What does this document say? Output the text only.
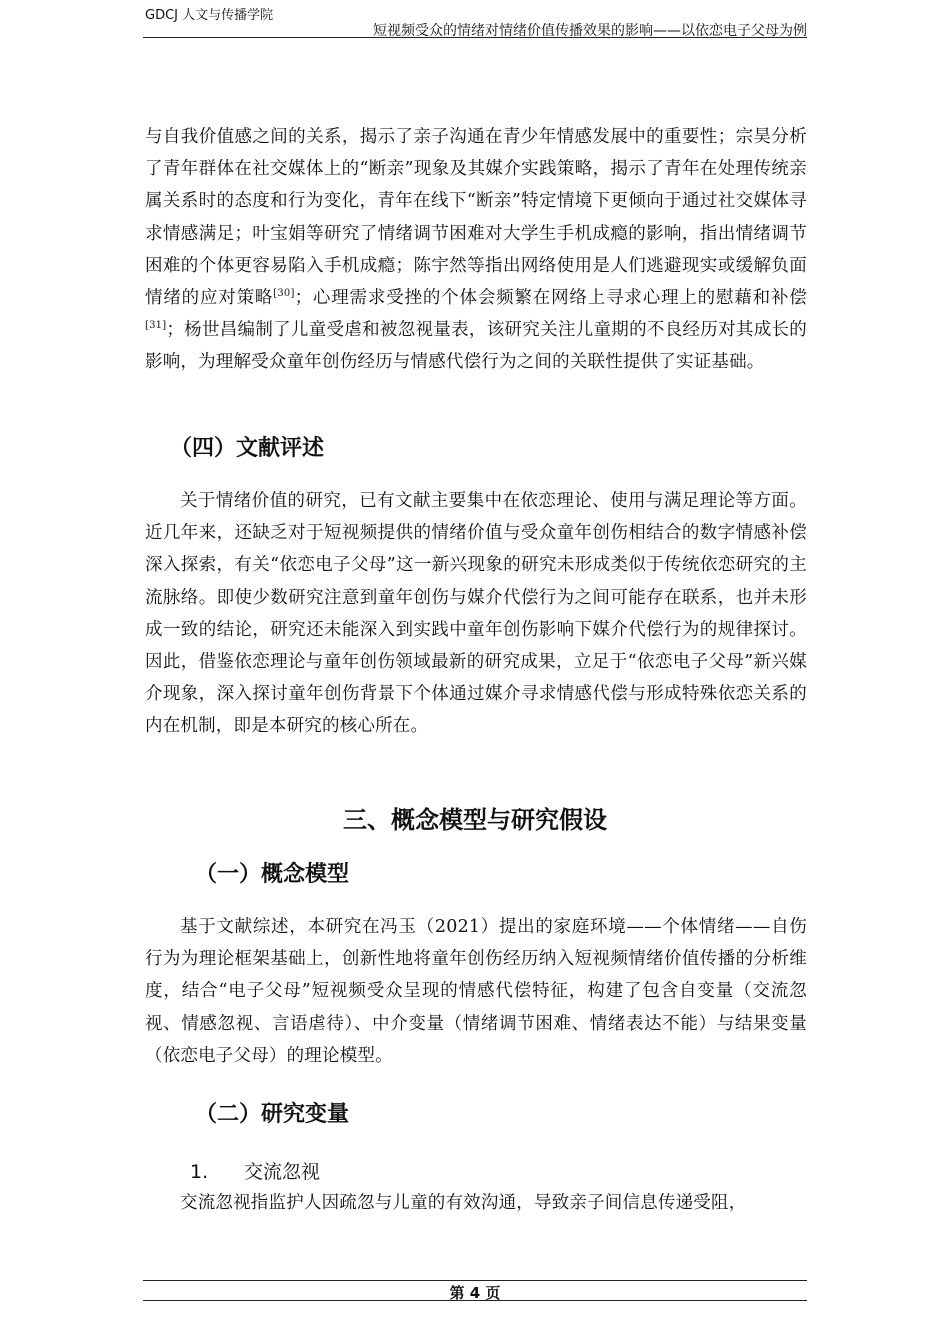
GDCJ 人文与传播学院
短视频受众的情绪对情绪价值传播效果的影响——以依恋电子父母为例

与自我价值感之间的关系，揭示了亲子沟通在青少年情感发展中的重要性；宗昊分析了青年群体在社交媒体上的“断亲”现象及其媒介实践策略，揭示了青年在处理传统亲属关系时的态度和行为变化，青年在线下“断亲”特定情境下更倾向于通过社交媒体寻求情感满足；叶宝娟等研究了情绪调节困难对大学生手机成瘾的影响，指出情绪调节困难的个体更容易陷入手机成瘾；陈宇然等指出网络使用是人们逃避现实或缓解负面情绪的应对策略[30]；心理需求受挫的个体会频繁在网络上寻求心理上的慰藉和补偿[31]；杨世昌编制了儿童受虐和被忽视量表，该研究关注儿童期的不良经历对其成长的影响，为理解受众童年创伤经历与情感代偿行为之间的关联性提供了实证基础。

（四）文献评述

关于情绪价值的研究，已有文献主要集中在依恋理论、使用与满足理论等方面。近几年来，还缺乏对于短视频提供的情绪价值与受众童年创伤相结合的数字情感补偿深入探索，有关“依恋电子父母”这一新兴现象的研究未形成类似于传统依恋研究的主流脉络。即使少数研究注意到童年创伤与媒介代偿行为之间可能存在联系，也并未形成一致的结论，研究还未能深入到实践中童年创伤影响下媒介代偿行为的规律探讨。因此，借鉴依恋理论与童年创伤领域最新的研究成果，立足于“依恋电子父母”新兴媒介现象，深入探讨童年创伤背景下个体通过媒介寻求情感代偿与形成特殊依恋关系的内在机制，即是本研究的核心所在。

三、概念模型与研究假设
（一）概念模型

基于文献综述，本研究在冯玉（2021）提出的家庭环境——个体情绪——自伤行为为理论框架基础上，创新性地将童年创伤经历纳入短视频情绪价值传播的分析维度，结合“电子父母”短视频受众呈现的情感代偿特征，构建了包含自变量（交流忽视、情感忽视、言语虐待）、中介变量（情绪调节困难、情绪表达不能）与结果变量（依恋电子父母）的理论模型。

（二）研究变量
1. 交流忽视

交流忽视指监护人因疏忽与儿童的有效沟通，导致亲子间信息传递受阻，

第 4 页
